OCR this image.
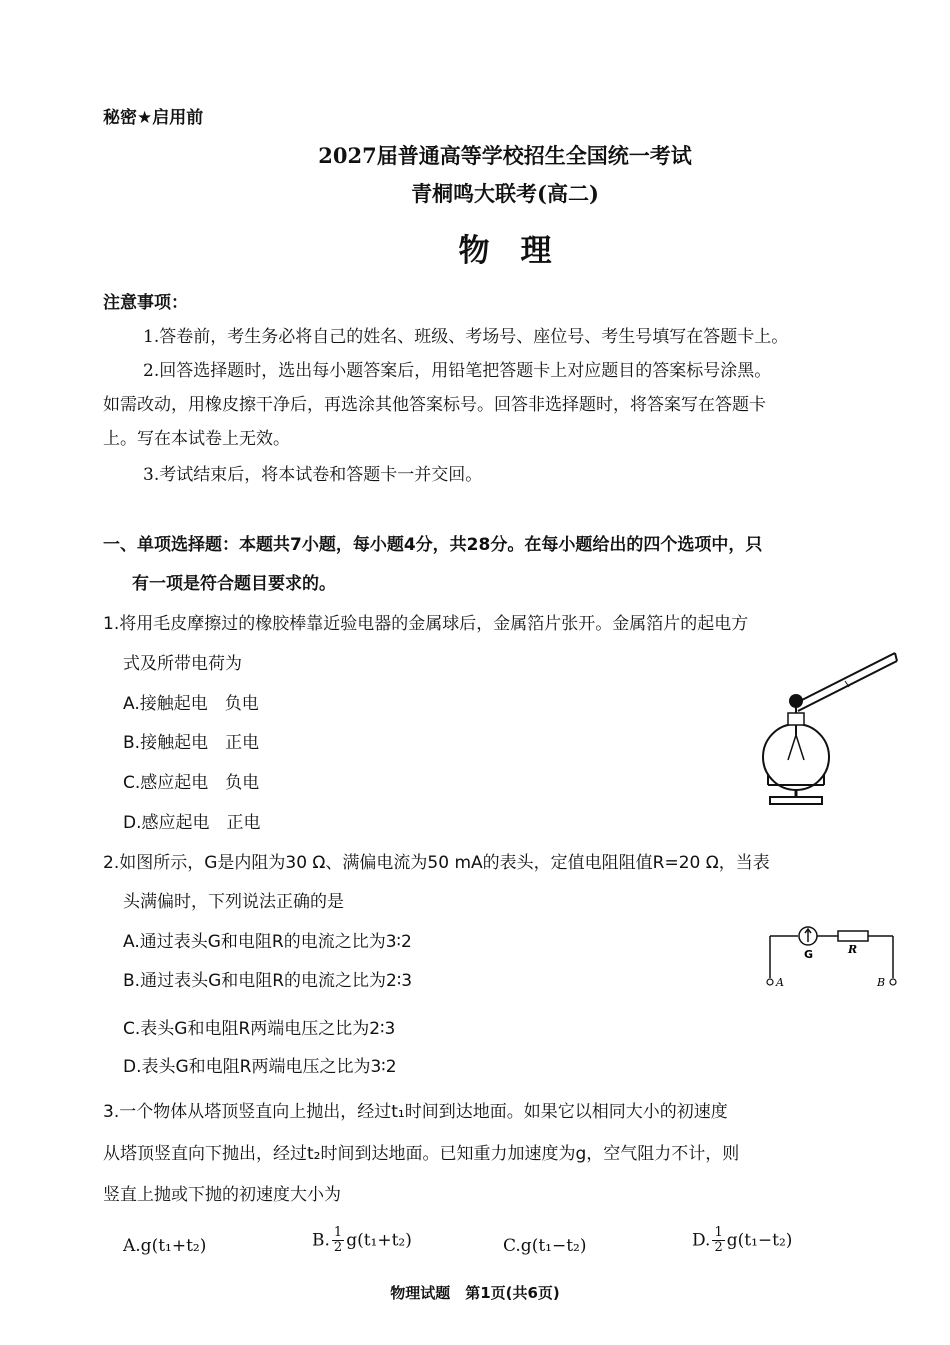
秘密★启用前
2027届普通高等学校招生全国统一考试
青桐鸣大联考(高二)
物　理
注意事项：
1.答卷前，考生务必将自己的姓名、班级、考场号、座位号、考生号填写在答题卡上。
2.回答选择题时，选出每小题答案后，用铅笔把答题卡上对应题目的答案标号涂黑。
如需改动，用橡皮擦干净后，再选涂其他答案标号。回答非选择题时，将答案写在答题卡
上。写在本试卷上无效。
3.考试结束后，将本试卷和答题卡一并交回。
一、单项选择题：本题共7小题，每小题4分，共28分。在每小题给出的四个选项中，只
有一项是符合题目要求的。
1.将用毛皮摩擦过的橡胶棒靠近验电器的金属球后，金属箔片张开。金属箔片的起电方
式及所带电荷为
A.接触起电　负电
B.接触起电　正电
C.感应起电　负电
D.感应起电　正电
2.如图所示，G是内阻为30 Ω、满偏电流为50 mA的表头，定值电阻阻值R=20 Ω，当表
头满偏时，下列说法正确的是
A.通过表头G和电阻R的电流之比为3∶2
B.通过表头G和电阻R的电流之比为2∶3
C.表头G和电阻R两端电压之比为2∶3
D.表头G和电阻R两端电压之比为3∶2
G	R
A	B
3.一个物体从塔顶竖直向上抛出，经过t₁时间到达地面。如果它以相同大小的初速度
从塔顶竖直向下抛出，经过t₂时间到达地面。已知重力加速度为g，空气阻力不计，则
竖直上抛或下抛的初速度大小为
A.g(t₁+t₂)	B. $\frac{1}{2} g(t_1+t_2)$	C.g(t₁−t₂)	D. $\frac{1}{2} g(t_1-t_2)$
物理试题　第1页(共6页)
